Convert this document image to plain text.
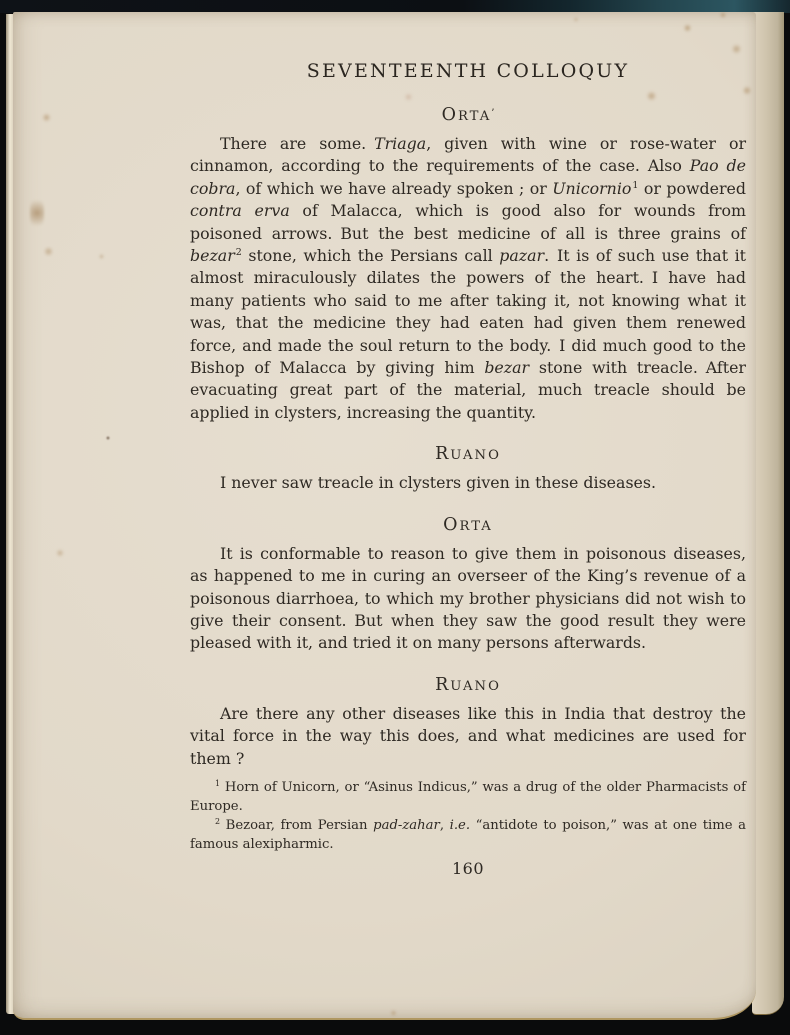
SEVENTEENTH COLLOQUY
ORTA’

There are some. Triaga, given with wine or rose-water or cinnamon, according to the requirements of the case. Also Pao de cobra, of which we have already spoken ; or Unicornio$^1$ or powdered contra erva of Malacca, which is good also for wounds from poisoned arrows. But the best medicine of all is three grains of bezar$^2$ stone, which the Persians call pazar. It is of such use that it almost miraculously dilates the powers of the heart. I have had many patients who said to me after taking it, not knowing what it was, that the medicine they had eaten had given them renewed force, and made the soul return to the body. I did much good to the Bishop of Malacca by giving him bezar stone with treacle. After evacuating great part of the material, much treacle should be applied in clysters, increasing the quantity.

RUANO

I never saw treacle in clysters given in these diseases.

ORTA

It is conformable to reason to give them in poisonous diseases, as happened to me in curing an overseer of the King’s revenue of a poisonous diarrhoea, to which my brother physicians did not wish to give their consent. But when they saw the good result they were pleased with it, and tried it on many persons afterwards.

RUANO

Are there any other diseases like this in India that destroy the vital force in the way this does, and what medicines are used for them ?

$^1$ Horn of Unicorn, or “Asinus Indicus,” was a drug of the older Pharmacists of Europe.

$^2$ Bezoar, from Persian pad-zahar, i.e. “antidote to poison,” was at one time a famous alexipharmic.

160
